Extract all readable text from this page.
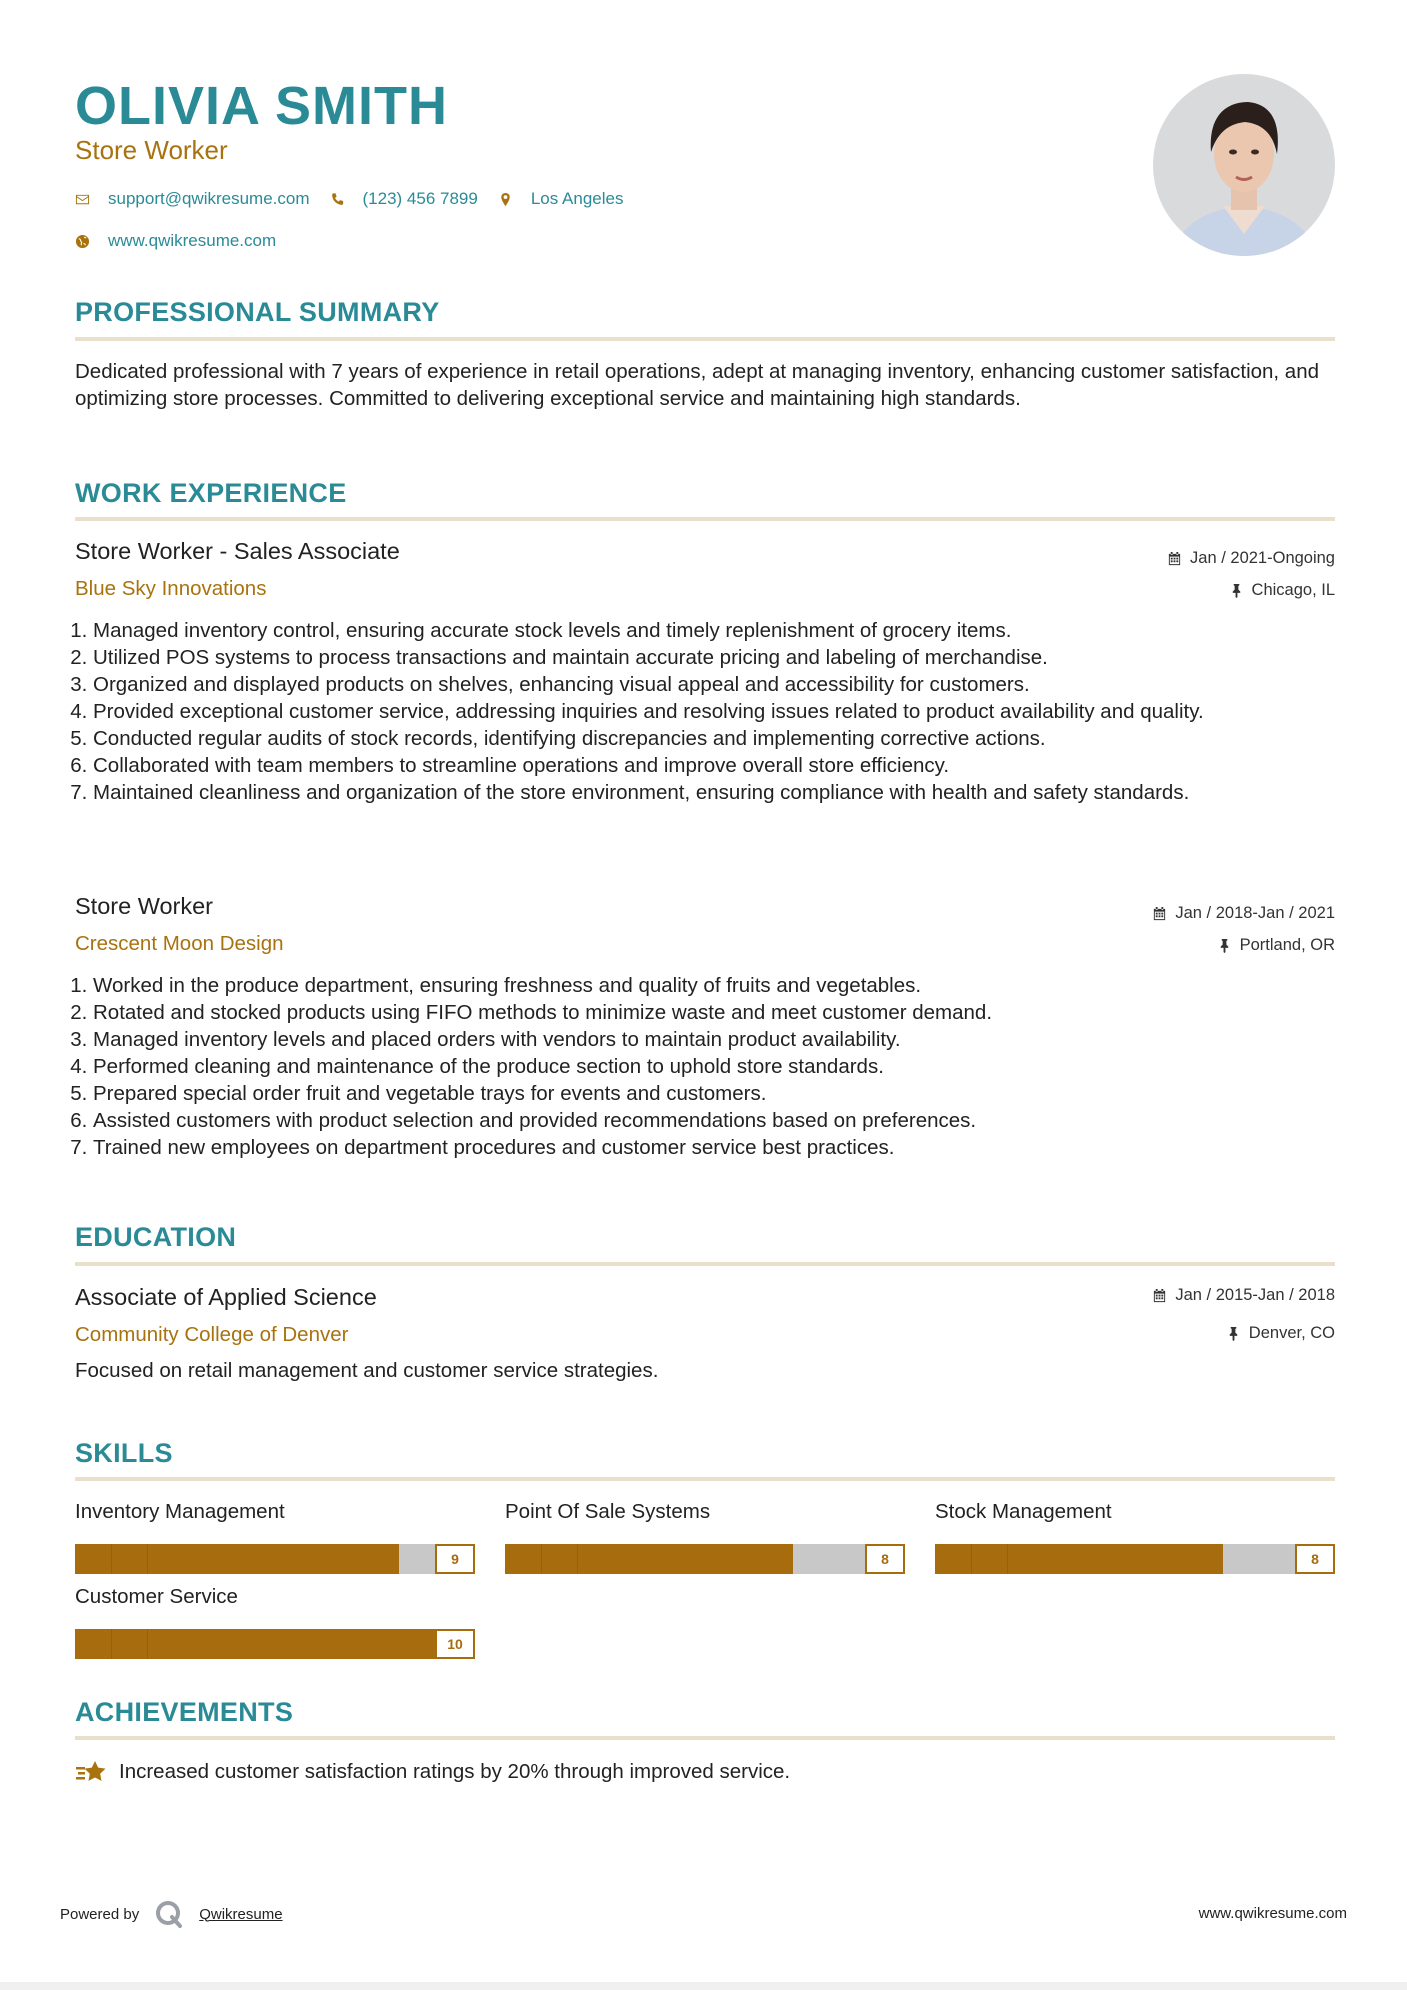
OLIVIA SMITH
Store Worker
support@qwikresume.com	(123) 456 7899	Los Angeles
www.qwikresume.com
PROFESSIONAL SUMMARY

Dedicated professional with 7 years of experience in retail operations, adept at managing inventory, enhancing customer satisfaction, and optimizing store processes. Committed to delivering exceptional service and maintaining high standards.

WORK EXPERIENCE
Store Worker - Sales Associate	Jan / 2021-Ongoing
Blue Sky Innovations	Chicago, IL
1. Managed inventory control, ensuring accurate stock levels and timely replenishment of grocery items.
2. Utilized POS systems to process transactions and maintain accurate pricing and labeling of merchandise.
3. Organized and displayed products on shelves, enhancing visual appeal and accessibility for customers.
4. Provided exceptional customer service, addressing inquiries and resolving issues related to product availability and quality.
5. Conducted regular audits of stock records, identifying discrepancies and implementing corrective actions.
6. Collaborated with team members to streamline operations and improve overall store efficiency.
7. Maintained cleanliness and organization of the store environment, ensuring compliance with health and safety standards.
Store Worker	Jan / 2018-Jan / 2021
Crescent Moon Design	Portland, OR
1. Worked in the produce department, ensuring freshness and quality of fruits and vegetables.
2. Rotated and stocked products using FIFO methods to minimize waste and meet customer demand.
3. Managed inventory levels and placed orders with vendors to maintain product availability.
4. Performed cleaning and maintenance of the produce section to uphold store standards.
5. Prepared special order fruit and vegetable trays for events and customers.
6. Assisted customers with product selection and provided recommendations based on preferences.
7. Trained new employees on department procedures and customer service best practices.
EDUCATION
Associate of Applied Science	Jan / 2015-Jan / 2018
Community College of Denver	Denver, CO

Focused on retail management and customer service strategies.

SKILLS
Inventory Management
9
Point Of Sale Systems
8
Stock Management
8
Customer Service
10
ACHIEVEMENTS
Increased customer satisfaction ratings by 20% through improved service.
Powered by	Qwikresume	www.qwikresume.com
